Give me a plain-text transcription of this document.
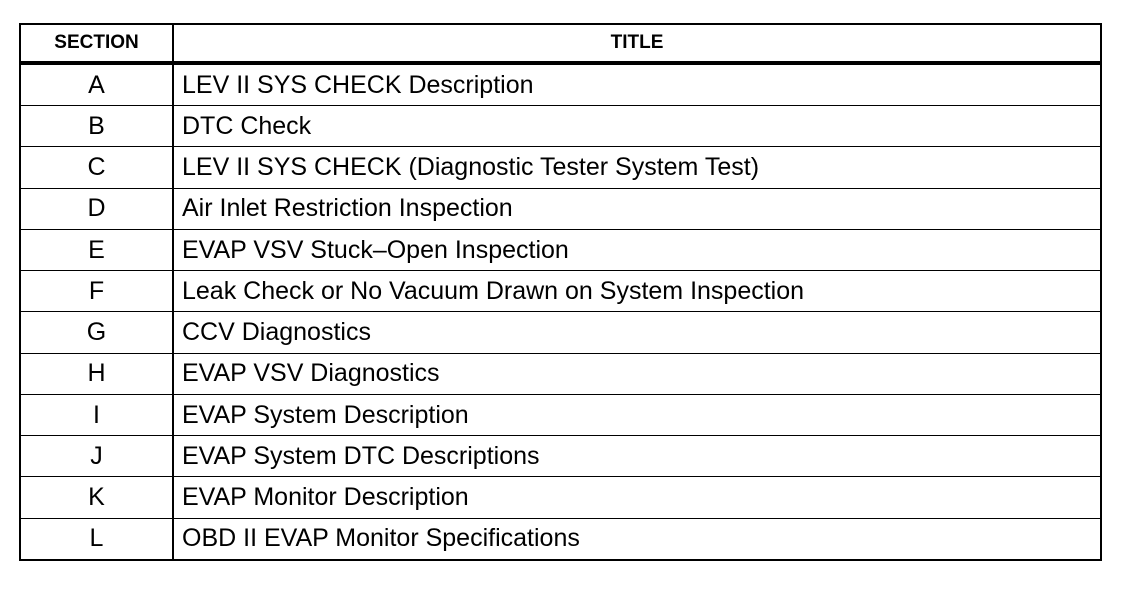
SECTION	TITLE
A	LEV II SYS CHECK Description
B	DTC Check
C	LEV II SYS CHECK (Diagnostic Tester System Test)
D	Air Inlet Restriction Inspection
E	EVAP VSV Stuck–Open Inspection
F	Leak Check or No Vacuum Drawn on System Inspection
G	CCV Diagnostics
H	EVAP VSV Diagnostics
I	EVAP System Description
J	EVAP System DTC Descriptions
K	EVAP Monitor Description
L	OBD II EVAP Monitor Specifications
